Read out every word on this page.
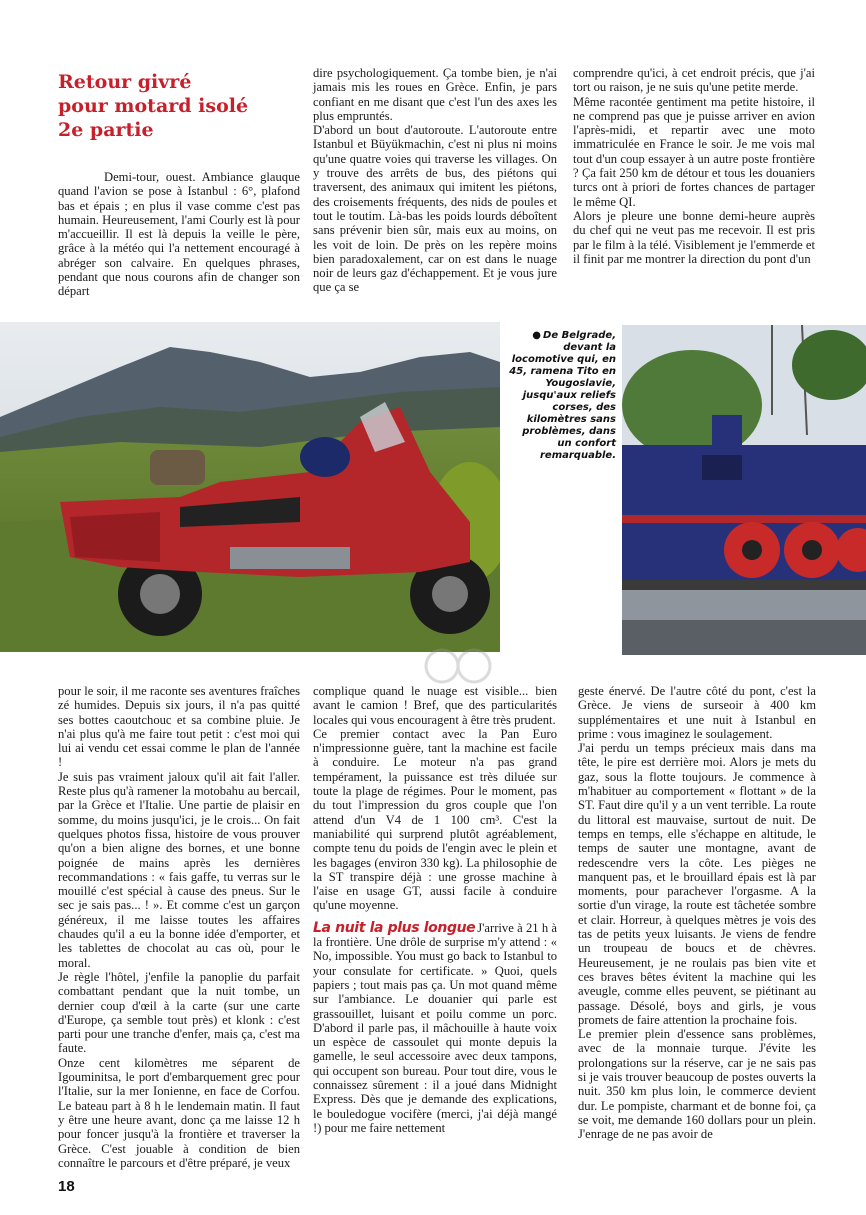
Retour givré
pour motard isolé
2e partie
Demi-tour, ouest. Ambiance glauque quand l'avion se pose à Istanbul : 6°, plafond bas et épais ; en plus il vase comme c'est pas humain. Heureusement, l'ami Courly est là pour m'accueillir. Il est là depuis la veille le père, grâce à la météo qui l'a nettement encouragé à abréger son calvaire. En quelques phrases, pendant que nous courons afin de changer son départ

dire psychologiquement. Ça tombe bien, je n'ai jamais mis les roues en Grèce. Enfin, je pars confiant en me disant que c'est l'un des axes les plus empruntés.

D'abord un bout d'autoroute. L'autoroute entre Istanbul et Büyükmachin, c'est ni plus ni moins qu'une quatre voies qui traverse les villages. On y trouve des arrêts de bus, des piétons qui traversent, des animaux qui imitent les piétons, des croisements fréquents, des nids de poules et tout le toutim. Là-bas les poids lourds déboîtent sans prévenir bien sûr, mais eux au moins, on les voit de loin. De près on les repère moins bien paradoxalement, car on est dans le nuage noir de leurs gaz d'échappement. Et je vous jure que ça se

comprendre qu'ici, à cet endroit précis, que j'ai tort ou raison, je ne suis qu'une petite merde.

Même racontée gentiment ma petite histoire, il ne comprend pas que je puisse arriver en avion l'après-midi, et repartir avec une moto immatriculée en France le soir. Je me vois mal tout d'un coup essayer à un autre poste frontière ? Ça fait 250 km de détour et tous les douaniers turcs ont à priori de fortes chances de partager le même QI.

Alors je pleure une bonne demi-heure auprès du chef qui ne veut pas me recevoir. Il est pris par le film à la télé. Visiblement je l'emmerde et il finit par me montrer la direction du pont d'un

● De Belgrade, devant la locomotive qui, en 45, ramena Tito en Yougoslavie, jusqu'aux reliefs corses, des kilomètres sans problèmes, dans un confort remarquable.

pour le soir, il me raconte ses aventures fraîches zé humides. Depuis six jours, il n'a pas quitté ses bottes caoutchouc et sa combine pluie. Je n'ai plus qu'à me faire tout petit : c'est moi qui lui ai vendu cet essai comme le plan de l'année !

Je suis pas vraiment jaloux qu'il ait fait l'aller. Reste plus qu'à ramener la motobahu au bercail, par la Grèce et l'Italie. Une partie de plaisir en somme, du moins jusqu'ici, je le crois... On fait quelques photos fissa, histoire de vous prouver qu'on a bien aligne des bornes, et une bonne poignée de mains après les dernières recommandations : « fais gaffe, tu verras sur le mouillé c'est spécial à cause des pneus. Sur le sec je sais pas... ! ». Et comme c'est un garçon généreux, il me laisse toutes les affaires chaudes qu'il a eu la bonne idée d'emporter, et les tablettes de chocolat au cas où, pour le moral.

Je règle l'hôtel, j'enfile la panoplie du parfait combattant pendant que la nuit tombe, un dernier coup d'œil à la carte (sur une carte d'Europe, ça semble tout près) et klonk : c'est parti pour une tranche d'enfer, mais ça, c'est ma faute.

Onze cent kilomètres me séparent de Igouminitsa, le port d'embarquement grec pour l'Italie, sur la mer Ionienne, en face de Corfou. Le bateau part à 8 h le lendemain matin. Il faut y être une heure avant, donc ça me laisse 12 h pour foncer jusqu'à la frontière et traverser la Grèce. C'est jouable à condition de bien connaître le parcours et d'être préparé, je veux

complique quand le nuage est visible... bien avant le camion ! Bref, que des particularités locales qui vous encouragent à être très prudent.

Ce premier contact avec la Pan Euro n'impressionne guère, tant la machine est facile à conduire. Le moteur n'a pas grand tempérament, la puissance est très diluée sur toute la plage de régimes. Pour le moment, pas du tout l'impression du gros couple que l'on attend d'un V4 de 1 100 cm³. C'est la maniabilité qui surprend plutôt agréablement, compte tenu du poids de l'engin avec le plein et les bagages (environ 330 kg). La philosophie de la ST transpire déjà : une grosse machine à l'aise en usage GT, aussi facile à conduire qu'une moyenne.

La nuit la plus longue J'arrive à 21 h à la frontière. Une drôle de surprise m'y attend : « No, impossible. You must go back to Istanbul to your consulate for certificate. » Quoi, quels papiers ; tout mais pas ça. Un mot quand même sur l'ambiance. Le douanier qui parle est grassouillet, luisant et poilu comme un porc. D'abord il parle pas, il mâchouille à haute voix un espèce de cassoulet qui monte depuis la gamelle, le seul accessoire avec deux tampons, qui occupent son bureau. Pour tout dire, vous le connaissez sûrement : il a joué dans Midnight Express. Dès que je demande des explications, le bouledogue vocifère (merci, j'ai déjà mangé !) pour me faire nettement

geste énervé. De l'autre côté du pont, c'est la Grèce. Je viens de surseoir à 400 km supplémentaires et une nuit à Istanbul en prime : vous imaginez le soulagement.

J'ai perdu un temps précieux mais dans ma tête, le pire est derrière moi. Alors je mets du gaz, sous la flotte toujours. Je commence à m'habituer au comportement « flottant » de la ST. Faut dire qu'il y a un vent terrible. La route du littoral est mauvaise, surtout de nuit. De temps en temps, elle s'échappe en altitude, le temps de sauter une montagne, avant de redescendre vers la côte. Les pièges ne manquent pas, et le brouillard épais est là par moments, pour parachever l'orgasme. A la sortie d'un virage, la route est tâchetée sombre et clair. Horreur, à quelques mètres je vois des tas de petits yeux luisants. Je viens de fendre un troupeau de boucs et de chèvres. Heureusement, je ne roulais pas bien vite et ces braves bêtes évitent la machine qui les aveugle, comme elles peuvent, se piétinant au passage. Désolé, boys and girls, je vous promets de faire attention la prochaine fois.

Le premier plein d'essence sans problèmes, avec de la monnaie turque. J'évite les prolongations sur la réserve, car je ne sais pas si je vais trouver beaucoup de postes ouverts la nuit. 350 km plus loin, le commerce devient dur. Le pompiste, charmant et de bonne foi, ça se voit, me demande 160 dollars pour un plein. J'enrage de ne pas avoir de

18
